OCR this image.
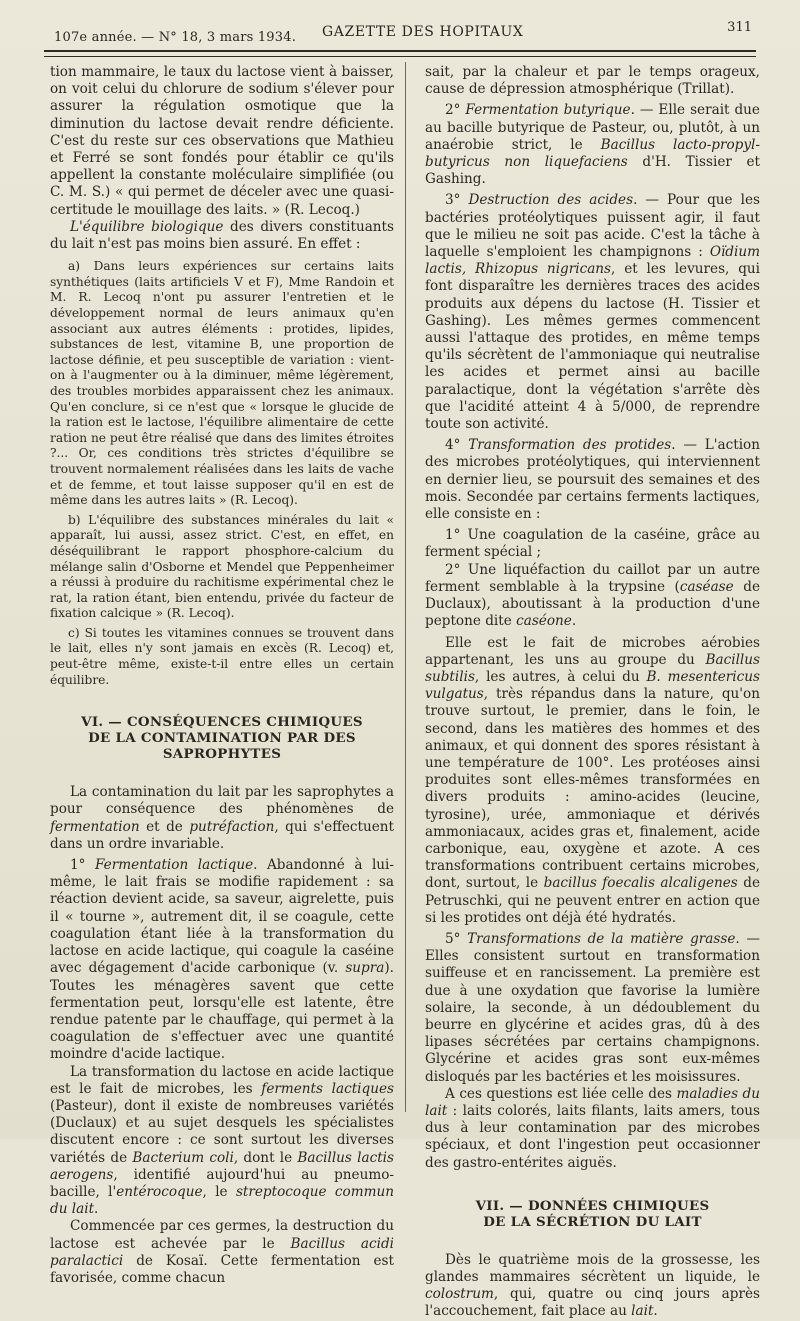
107e année. — N° 18, 3 mars 1934. GAZETTE DES HOPITAUX	311

tion mammaire, le taux du lactose vient à baisser, on voit celui du chlorure de sodium s'élever pour assurer la régulation osmotique que la diminution du lactose devait rendre déficiente. C'est du reste sur ces observations que Mathieu et Ferré se sont fondés pour établir ce qu'ils appellent la constante moléculaire simplifiée (ou C. M. S.) « qui permet de déceler avec une quasi-certitude le mouillage des laits. » (R. Lecoq.)

L'équilibre biologique des divers constituants du lait n'est pas moins bien assuré. En effet :

a) Dans leurs expériences sur certains laits synthétiques (laits artificiels V et F), Mme Randoin et M. R. Lecoq n'ont pu assurer l'entretien et le développement normal de leurs animaux qu'en associant aux autres éléments : protides, lipides, substances de lest, vitamine B, une proportion de lactose définie, et peu susceptible de variation : vient-on à l'augmenter ou à la diminuer, même légèrement, des troubles morbides apparaissent chez les animaux. Qu'en conclure, si ce n'est que « lorsque le glucide de la ration est le lactose, l'équilibre alimentaire de cette ration ne peut être réalisé que dans des limites étroites ?... Or, ces conditions très strictes d'équilibre se trouvent normalement réalisées dans les laits de vache et de femme, et tout laisse supposer qu'il en est de même dans les autres laits » (R. Lecoq).

b) L'équilibre des substances minérales du lait « apparaît, lui aussi, assez strict. C'est, en effet, en déséquilibrant le rapport phosphore-calcium du mélange salin d'Osborne et Mendel que Peppenheimer a réussi à produire du rachitisme expérimental chez le rat, la ration étant, bien entendu, privée du facteur de fixation calcique » (R. Lecoq).

c) Si toutes les vitamines connues se trouvent dans le lait, elles n'y sont jamais en excès (R. Lecoq) et, peut-être même, existe-t-il entre elles un certain équilibre.

VI. — CONSÉQUENCES CHIMIQUES
DE LA CONTAMINATION PAR DES SAPROPHYTES

La contamination du lait par les saprophytes a pour conséquence des phénomènes de fermentation et de putréfaction, qui s'effectuent dans un ordre invariable.

1° Fermentation lactique. Abandonné à lui-même, le lait frais se modifie rapidement : sa réaction devient acide, sa saveur, aigrelette, puis il « tourne », autrement dit, il se coagule, cette coagulation étant liée à la transformation du lactose en acide lactique, qui coagule la caséine avec dégagement d'acide carbonique (v. supra). Toutes les ménagères savent que cette fermentation peut, lorsqu'elle est latente, être rendue patente par le chauffage, qui permet à la coagulation de s'effectuer avec une quantité moindre d'acide lactique.

La transformation du lactose en acide lactique est le fait de microbes, les ferments lactiques (Pasteur), dont il existe de nombreuses variétés (Duclaux) et au sujet desquels les spécialistes discutent encore : ce sont surtout les diverses variétés de Bacterium coli, dont le Bacillus lactis aerogens, identifié aujourd'hui au pneumo-bacille, l'entérocoque, le streptocoque commun du lait.

Commencée par ces germes, la destruction du lactose est achevée par le Bacillus acidi paralactici de Kosaï. Cette fermentation est favorisée, comme chacun

sait, par la chaleur et par le temps orageux, cause de dépression atmosphérique (Trillat).

2° Fermentation butyrique. — Elle serait due au bacille butyrique de Pasteur, ou, plutôt, à un anaérobie strict, le Bacillus lacto-propyl-butyricus non liquefaciens d'H. Tissier et Gashing.

3° Destruction des acides. — Pour que les bactéries protéolytiques puissent agir, il faut que le milieu ne soit pas acide. C'est la tâche à laquelle s'emploient les champignons : Oïdium lactis, Rhizopus nigricans, et les levures, qui font disparaître les dernières traces des acides produits aux dépens du lactose (H. Tissier et Gashing). Les mêmes germes commencent aussi l'attaque des protides, en même temps qu'ils sécrètent de l'ammoniaque qui neutralise les acides et permet ainsi au bacille paralactique, dont la végétation s'arrête dès que l'acidité atteint 4 à 5/000, de reprendre toute son activité.

4° Transformation des protides. — L'action des microbes protéolytiques, qui interviennent en dernier lieu, se poursuit des semaines et des mois. Secondée par certains ferments lactiques, elle consiste en :

1° Une coagulation de la caséine, grâce au ferment spécial ;

2° Une liquéfaction du caillot par un autre ferment semblable à la trypsine (caséase de Duclaux), aboutissant à la production d'une peptone dite caséone.

Elle est le fait de microbes aérobies appartenant, les uns au groupe du Bacillus subtilis, les autres, à celui du B. mesentericus vulgatus, très répandus dans la nature, qu'on trouve surtout, le premier, dans le foin, le second, dans les matières des hommes et des animaux, et qui donnent des spores résistant à une température de 100°. Les protéoses ainsi produites sont elles-mêmes transformées en divers produits : amino-acides (leucine, tyrosine), urée, ammoniaque et dérivés ammoniacaux, acides gras et, finalement, acide carbonique, eau, oxygène et azote. A ces transformations contribuent certains microbes, dont, surtout, le bacillus foecalis alcaligenes de Petruschki, qui ne peuvent entrer en action que si les protides ont déjà été hydratés.

5° Transformations de la matière grasse. — Elles consistent surtout en transformation suiffeuse et en rancissement. La première est due à une oxydation que favorise la lumière solaire, la seconde, à un dédoublement du beurre en glycérine et acides gras, dû à des lipases sécrétées par certains champignons. Glycérine et acides gras sont eux-mêmes disloqués par les bactéries et les moisissures.

A ces questions est liée celle des maladies du lait : laits colorés, laits filants, laits amers, tous dus à leur contamination par des microbes spéciaux, et dont l'ingestion peut occasionner des gastro-entérites aiguës.

VII. — DONNÉES CHIMIQUES
DE LA SÉCRÉTION DU LAIT

Dès le quatrième mois de la grossesse, les glandes mammaires sécrètent un liquide, le colostrum, qui, quatre ou cinq jours après l'accouchement, fait place au lait.
